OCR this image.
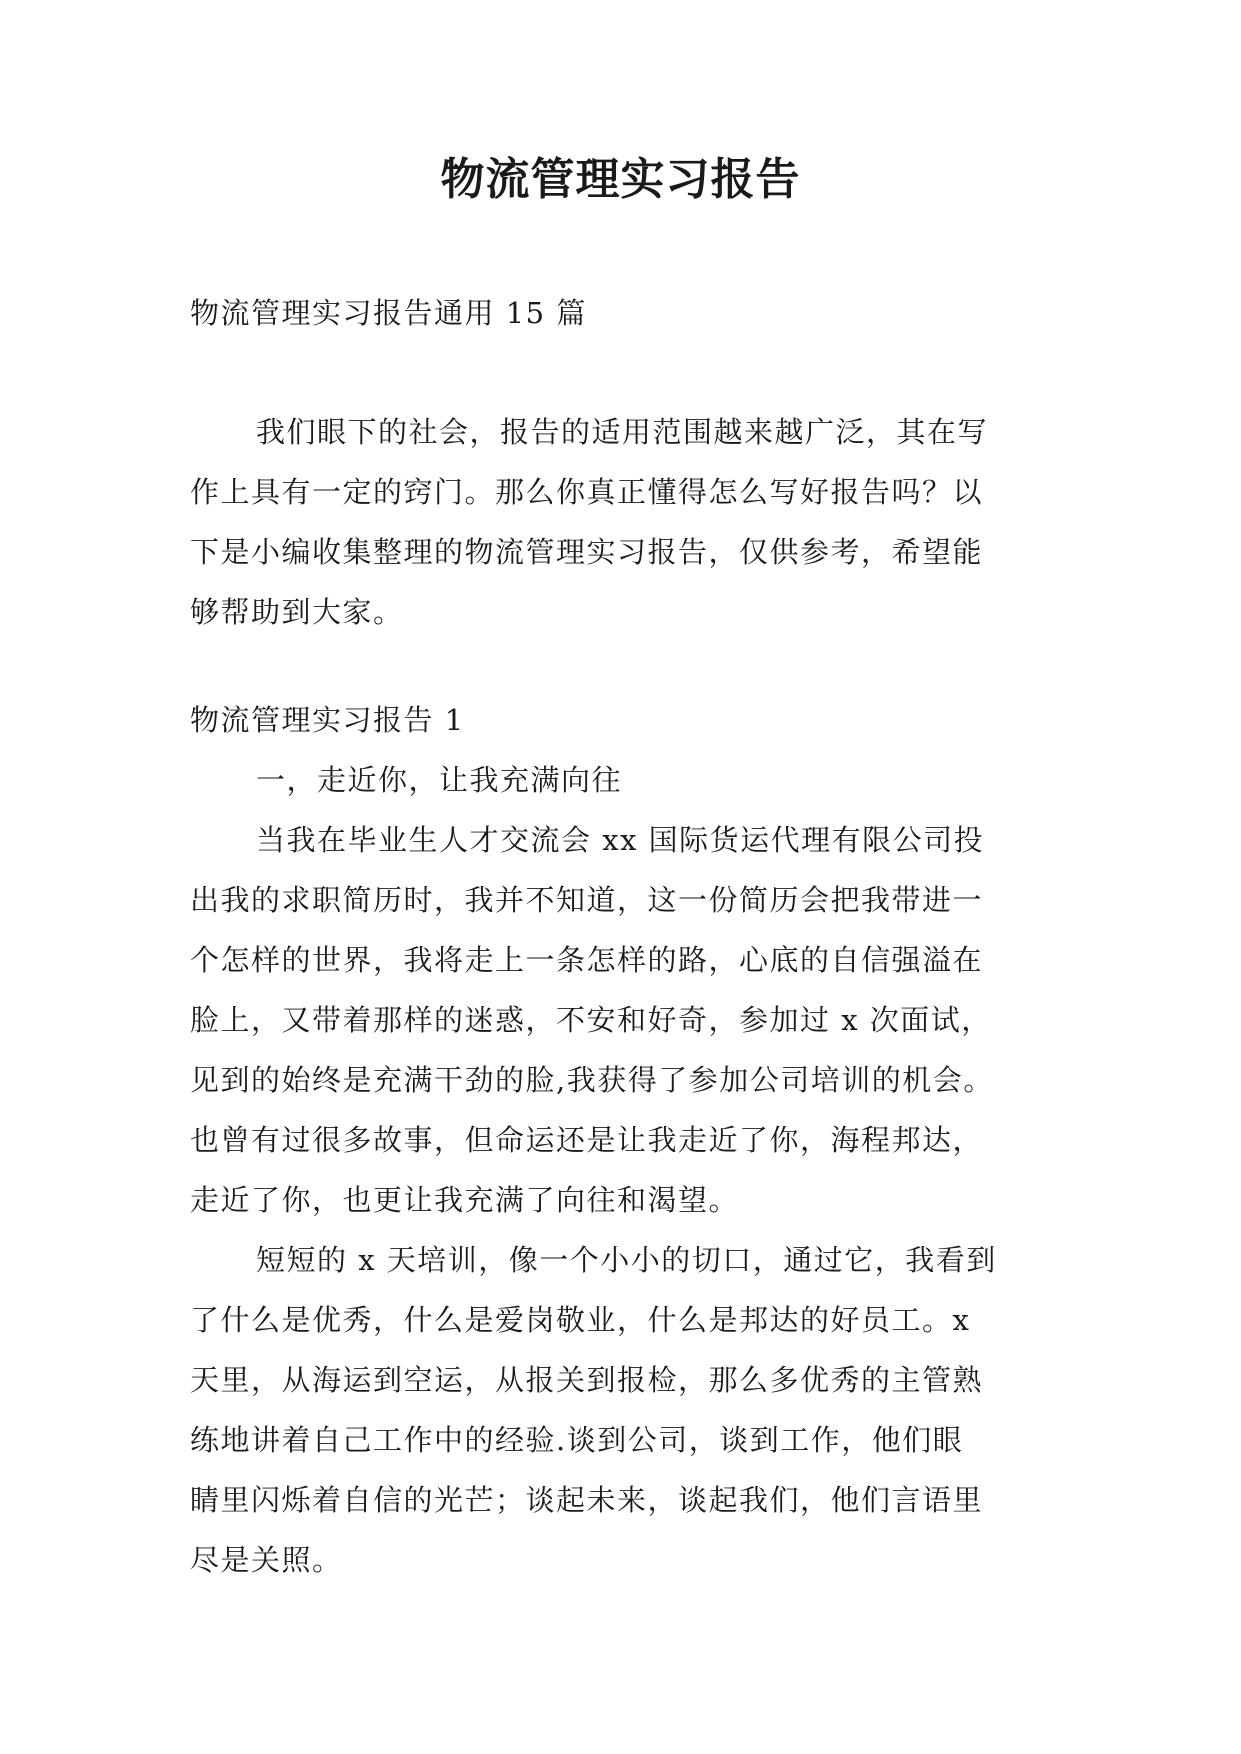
物流管理实习报告
物流管理实习报告通用 15 篇
我们眼下的社会，报告的适用范围越来越广泛，其在写
作上具有一定的窍门。那么你真正懂得怎么写好报告吗？以
下是小编收集整理的物流管理实习报告，仅供参考，希望能
够帮助到大家。
物流管理实习报告 1
一，走近你，让我充满向往
当我在毕业生人才交流会 xx 国际货运代理有限公司投
出我的求职简历时，我并不知道，这一份简历会把我带进一
个怎样的世界，我将走上一条怎样的路，心底的自信强溢在
脸上，又带着那样的迷惑，不安和好奇，参加过 x 次面试，
见到的始终是充满干劲的脸,我获得了参加公司培训的机会。
也曾有过很多故事，但命运还是让我走近了你，海程邦达，
走近了你，也更让我充满了向往和渴望。
短短的 x 天培训，像一个小小的切口，通过它，我看到
了什么是优秀，什么是爱岗敬业，什么是邦达的好员工。x
天里，从海运到空运，从报关到报检，那么多优秀的主管熟
练地讲着自己工作中的经验.谈到公司，谈到工作，他们眼
睛里闪烁着自信的光芒；谈起未来，谈起我们，他们言语里
尽是关照。
